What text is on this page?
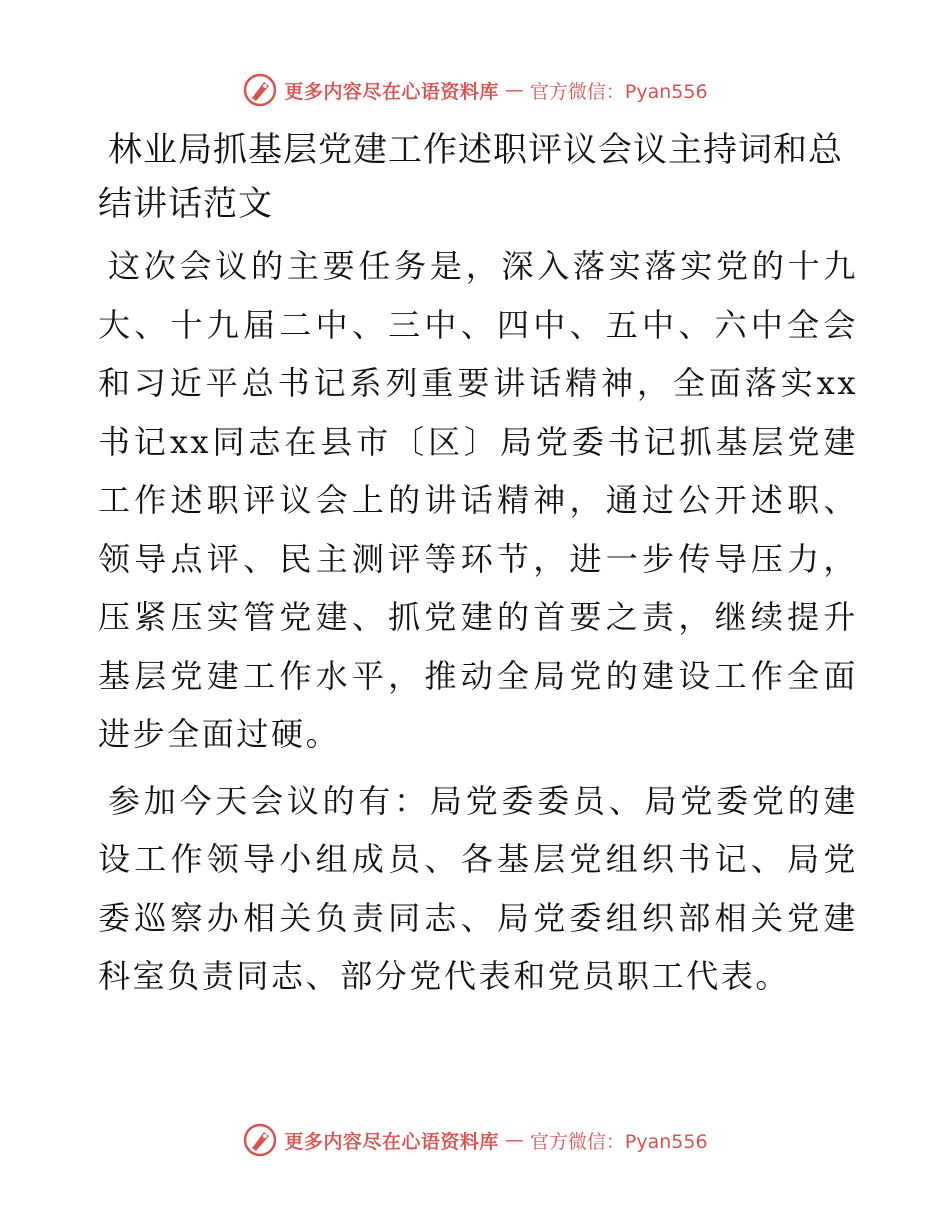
更多内容尽在心语资料库 — 官方微信：Pyan556
林业局抓基层党建工作述职评议会议主持词和总结讲话范文

这次会议的主要任务是，深入落实落实党的十九大、十九届二中、三中、四中、五中、六中全会和习近平总书记系列重要讲话精神，全面落实xx书记xx同志在县市〔区〕局党委书记抓基层党建工作述职评议会上的讲话精神，通过公开述职、领导点评、民主测评等环节，进一步传导压力，压紧压实管党建、抓党建的首要之责，继续提升基层党建工作水平，推动全局党的建设工作全面进步全面过硬。

参加今天会议的有：局党委委员、局党委党的建设工作领导小组成员、各基层党组织书记、局党委巡察办相关负责同志、局党委组织部相关党建科室负责同志、部分党代表和党员职工代表。

更多内容尽在心语资料库 — 官方微信：Pyan556
